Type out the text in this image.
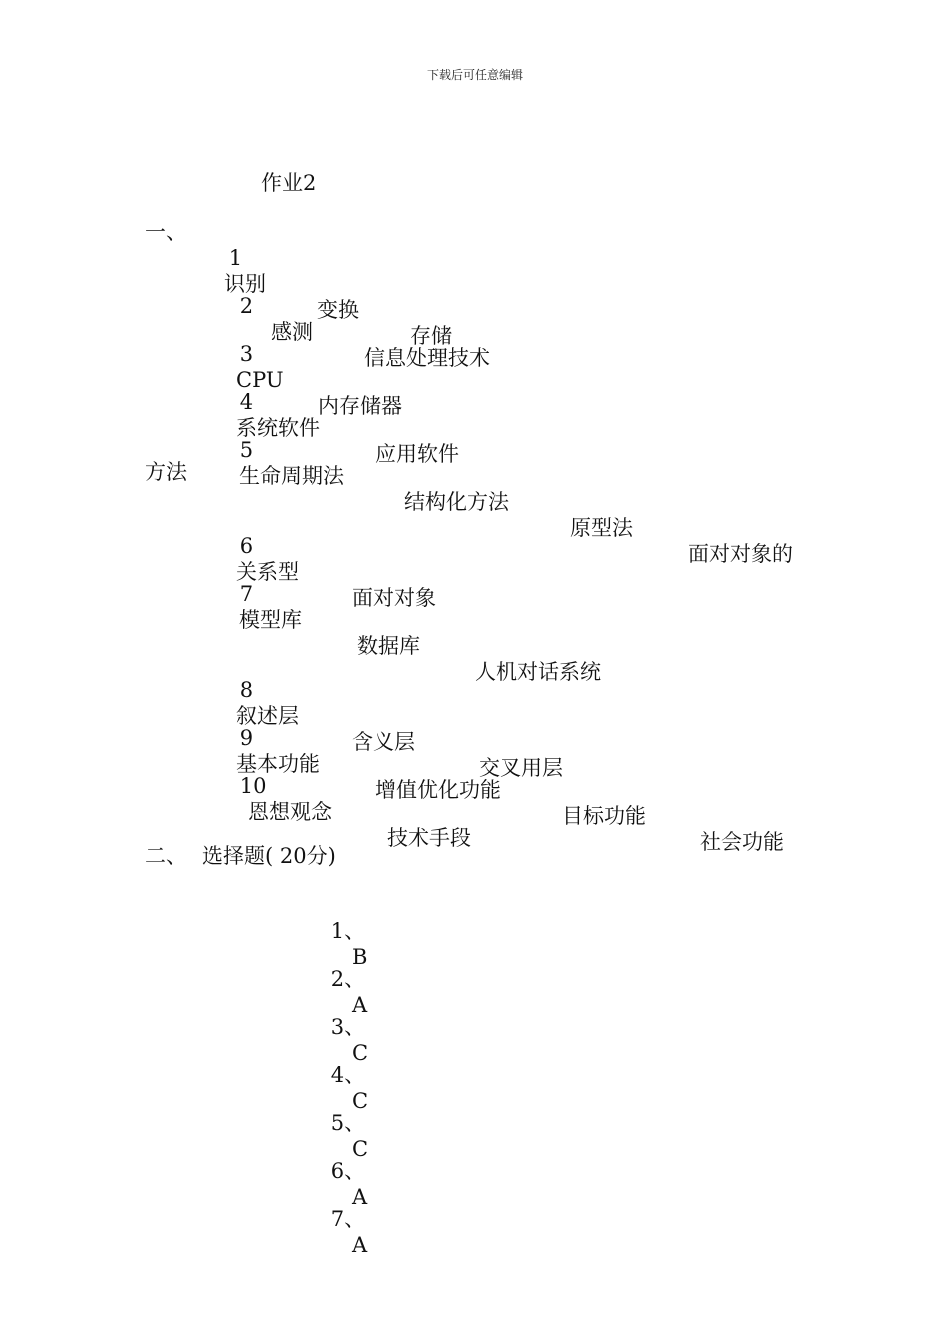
下载后可任意编辑
作业2
一、

1

识别

变换

存储

2

感测

信息处理技术

3

CPU

内存储器

4

系统软件

应用软件

5

生命周期法

结构化方法

原型法

面对对象的

方法

6

关系型

面对对象

7

模型库

数据库

人机对话系统

8

叙述层

含义层

交叉用层

9

基本功能

增值优化功能

目标功能

社会功能

10

恩想观念

技术手段

二、 选择题( 20分)

1、

B

2、

A

3、

C

4、

C

5、

C

6、

A

7、

A
